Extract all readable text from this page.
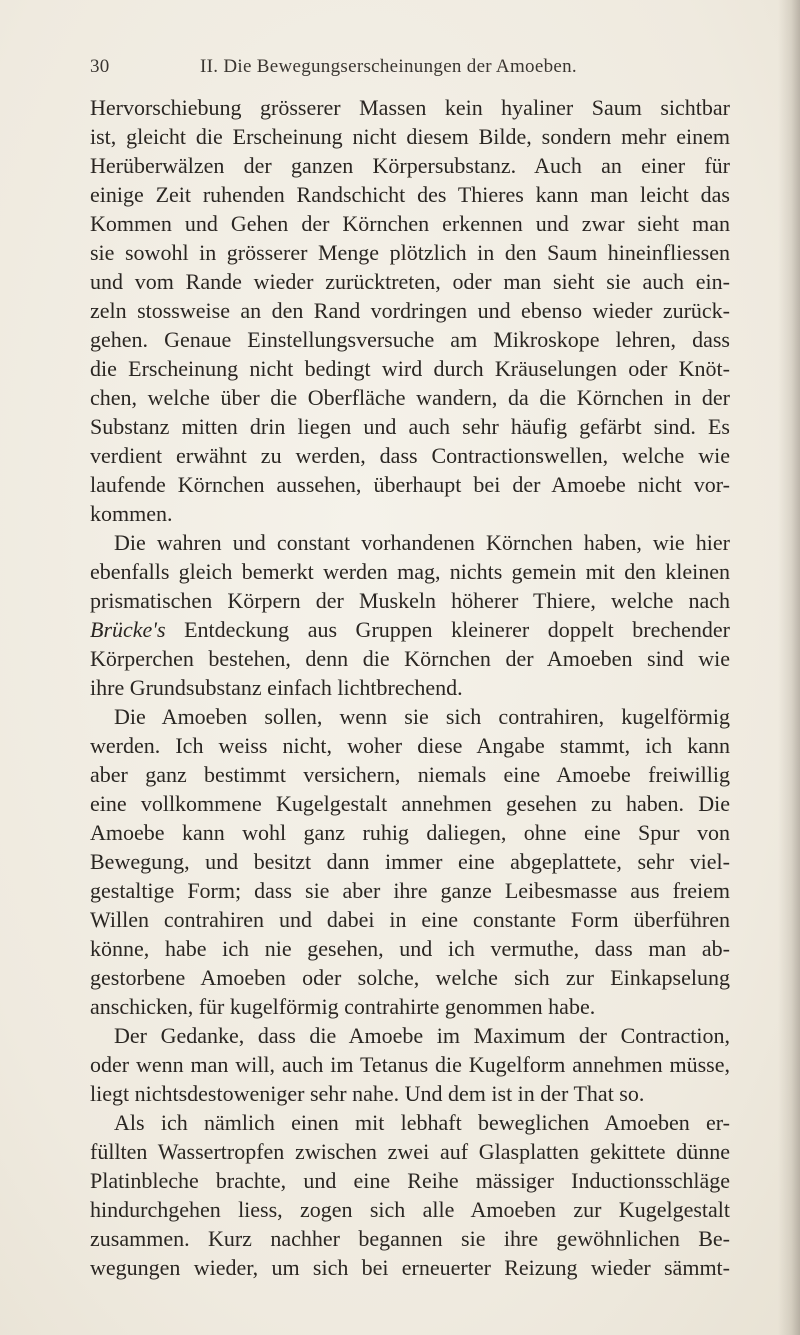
30	II. Die Bewegungserscheinungen der Amoeben.
Hervorschiebung grösserer Massen kein hyaliner Saum sichtbar
ist, gleicht die Erscheinung nicht diesem Bilde, sondern mehr einem
Herüberwälzen der ganzen Körpersubstanz. Auch an einer für
einige Zeit ruhenden Randschicht des Thieres kann man leicht das
Kommen und Gehen der Körnchen erkennen und zwar sieht man
sie sowohl in grösserer Menge plötzlich in den Saum hineinfliessen
und vom Rande wieder zurücktreten, oder man sieht sie auch ein-
zeln stossweise an den Rand vordringen und ebenso wieder zurück-
gehen. Genaue Einstellungsversuche am Mikroskope lehren, dass
die Erscheinung nicht bedingt wird durch Kräuselungen oder Knöt-
chen, welche über die Oberfläche wandern, da die Körnchen in der
Substanz mitten drin liegen und auch sehr häufig gefärbt sind. Es
verdient erwähnt zu werden, dass Contractionswellen, welche wie
laufende Körnchen aussehen, überhaupt bei der Amoebe nicht vor-
kommen.
Die wahren und constant vorhandenen Körnchen haben, wie hier
ebenfalls gleich bemerkt werden mag, nichts gemein mit den kleinen
prismatischen Körpern der Muskeln höherer Thiere, welche nach
Brücke's Entdeckung aus Gruppen kleinerer doppelt brechender
Körperchen bestehen, denn die Körnchen der Amoeben sind wie
ihre Grundsubstanz einfach lichtbrechend.
Die Amoeben sollen, wenn sie sich contrahiren, kugelförmig
werden. Ich weiss nicht, woher diese Angabe stammt, ich kann
aber ganz bestimmt versichern, niemals eine Amoebe freiwillig
eine vollkommene Kugelgestalt annehmen gesehen zu haben. Die
Amoebe kann wohl ganz ruhig daliegen, ohne eine Spur von
Bewegung, und besitzt dann immer eine abgeplattete, sehr viel-
gestaltige Form; dass sie aber ihre ganze Leibesmasse aus freiem
Willen contrahiren und dabei in eine constante Form überführen
könne, habe ich nie gesehen, und ich vermuthe, dass man ab-
gestorbene Amoeben oder solche, welche sich zur Einkapselung
anschicken, für kugelförmig contrahirte genommen habe.
Der Gedanke, dass die Amoebe im Maximum der Contraction,
oder wenn man will, auch im Tetanus die Kugelform annehmen müsse,
liegt nichtsdestoweniger sehr nahe. Und dem ist in der That so.
Als ich nämlich einen mit lebhaft beweglichen Amoeben er-
füllten Wassertropfen zwischen zwei auf Glasplatten gekittete dünne
Platinbleche brachte, und eine Reihe mässiger Inductionsschläge
hindurchgehen liess, zogen sich alle Amoeben zur Kugelgestalt
zusammen. Kurz nachher begannen sie ihre gewöhnlichen Be-
wegungen wieder, um sich bei erneuerter Reizung wieder sämmt-
